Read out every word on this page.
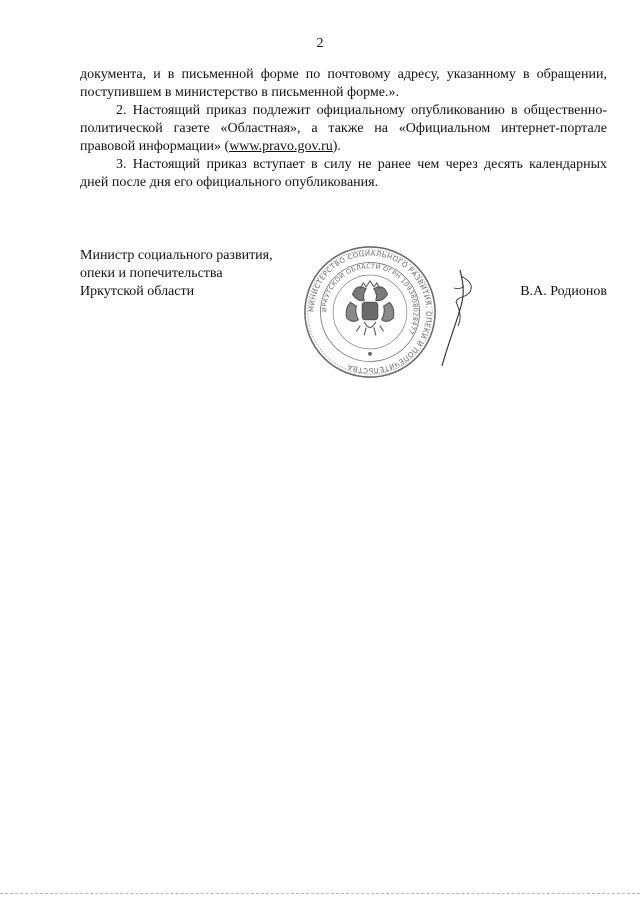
2

документа, и в письменной форме по почтовому адресу, указанному в обращении, поступившем в министерство в письменной форме.».

2. Настоящий приказ подлежит официальному опубликованию в общественно-политической газете «Областная», а также на «Официальном интернет-портале правовой информации» (www.pravo.gov.ru).

3. Настоящий приказ вступает в силу не ранее чем через десять календарных дней после дня его официального опубликования.

Министр социального развития,
опеки и попечительства
Иркутской области
МИНИСТЕРСТВО СОЦИАЛЬНОГО РАЗВИТИЯ, ОПЕКИ И ПОПЕЧИТЕЛЬСТВА
ИРКУТСКОЙ ОБЛАСТИ ОГРН 1093808028477
В.А. Родионов
